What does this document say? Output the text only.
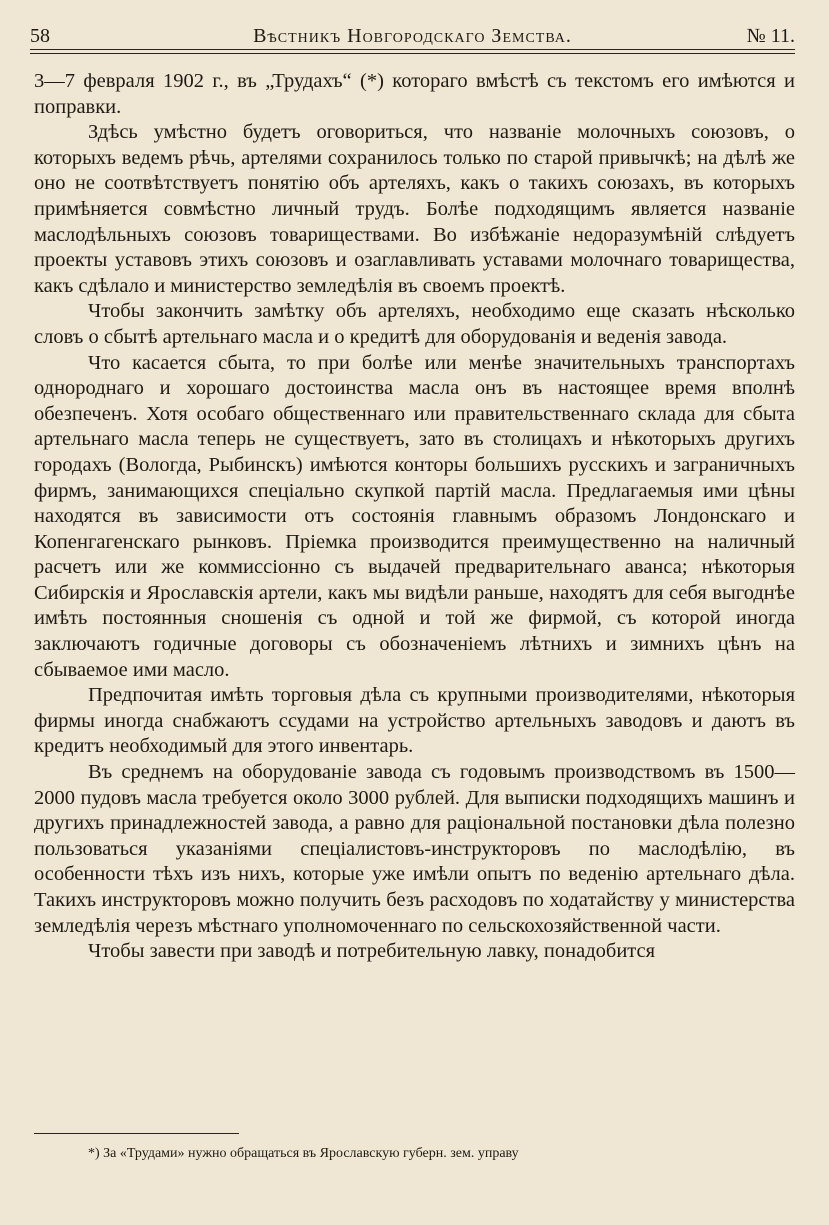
58	Вѣстникъ Новгородскаго Земства.	№ 11.

3—7 февраля 1902 г., въ „Трудахъ“ (*) котораго вмѣстѣ съ текстомъ его имѣются и поправки.

Здѣсь умѣстно будетъ оговориться, что названіе молочныхъ союзовъ, о которыхъ ведемъ рѣчь, артелями сохранилось только по старой привычкѣ; на дѣлѣ же оно не соотвѣтствуетъ понятію объ артеляхъ, какъ о такихъ союзахъ, въ которыхъ примѣняется совмѣстно личный трудъ. Болѣе подходящимъ является названіе маслодѣльныхъ союзовъ товариществами. Во избѣжаніе недоразумѣній слѣдуетъ проекты уставовъ этихъ союзовъ и озаглавливать уставами молочнаго товарищества, какъ сдѣлало и министерство земледѣлія въ своемъ проектѣ.

Чтобы закончить замѣтку объ артеляхъ, необходимо еще сказать нѣсколько словъ о сбытѣ артельнаго масла и о кредитѣ для оборудованія и веденія завода.

Что касается сбыта, то при болѣе или менѣе значительныхъ транспортахъ однороднаго и хорошаго достоинства масла онъ въ настоящее время вполнѣ обезпеченъ. Хотя особаго общественнаго или правительственнаго склада для сбыта артельнаго масла теперь не существуетъ, зато въ столицахъ и нѣкоторыхъ другихъ городахъ (Вологда, Рыбинскъ) имѣются конторы большихъ русскихъ и заграничныхъ фирмъ, занимающихся спеціально скупкой партій масла. Предлагаемыя ими цѣны находятся въ зависимости отъ состоянія главнымъ образомъ Лондонскаго и Копенгагенскаго рынковъ. Пріемка производится преимущественно на наличный расчетъ или же коммиссіонно съ выдачей предварительнаго аванса; нѣкоторыя Сибирскія и Ярославскія артели, какъ мы видѣли раньше, находятъ для себя выгоднѣе имѣть постоянныя сношенія съ одной и той же фирмой, съ которой иногда заключаютъ годичные договоры съ обозначеніемъ лѣтнихъ и зимнихъ цѣнъ на сбываемое ими масло.

Предпочитая имѣть торговыя дѣла съ крупными производителями, нѣкоторыя фирмы иногда снабжаютъ ссудами на устройство артельныхъ заводовъ и даютъ въ кредитъ необходимый для этого инвентарь.

Въ среднемъ на оборудованіе завода съ годовымъ производствомъ въ 1500—2000 пудовъ масла требуется около 3000 рублей. Для выписки подходящихъ машинъ и другихъ принадлежностей завода, а равно для раціональной постановки дѣла полезно пользоваться указаніями спеціалистовъ-инструкторовъ по маслодѣлію, въ особенности тѣхъ изъ нихъ, которые уже имѣли опытъ по веденію артельнаго дѣла. Такихъ инструкторовъ можно получить безъ расходовъ по ходатайству у министерства земледѣлія черезъ мѣстнаго уполномоченнаго по сельскохозяйственной части.

Чтобы завести при заводѣ и потребительную лавку, понадобится

*) За «Трудами» нужно обращаться въ Ярославскую губерн. зем. управу
